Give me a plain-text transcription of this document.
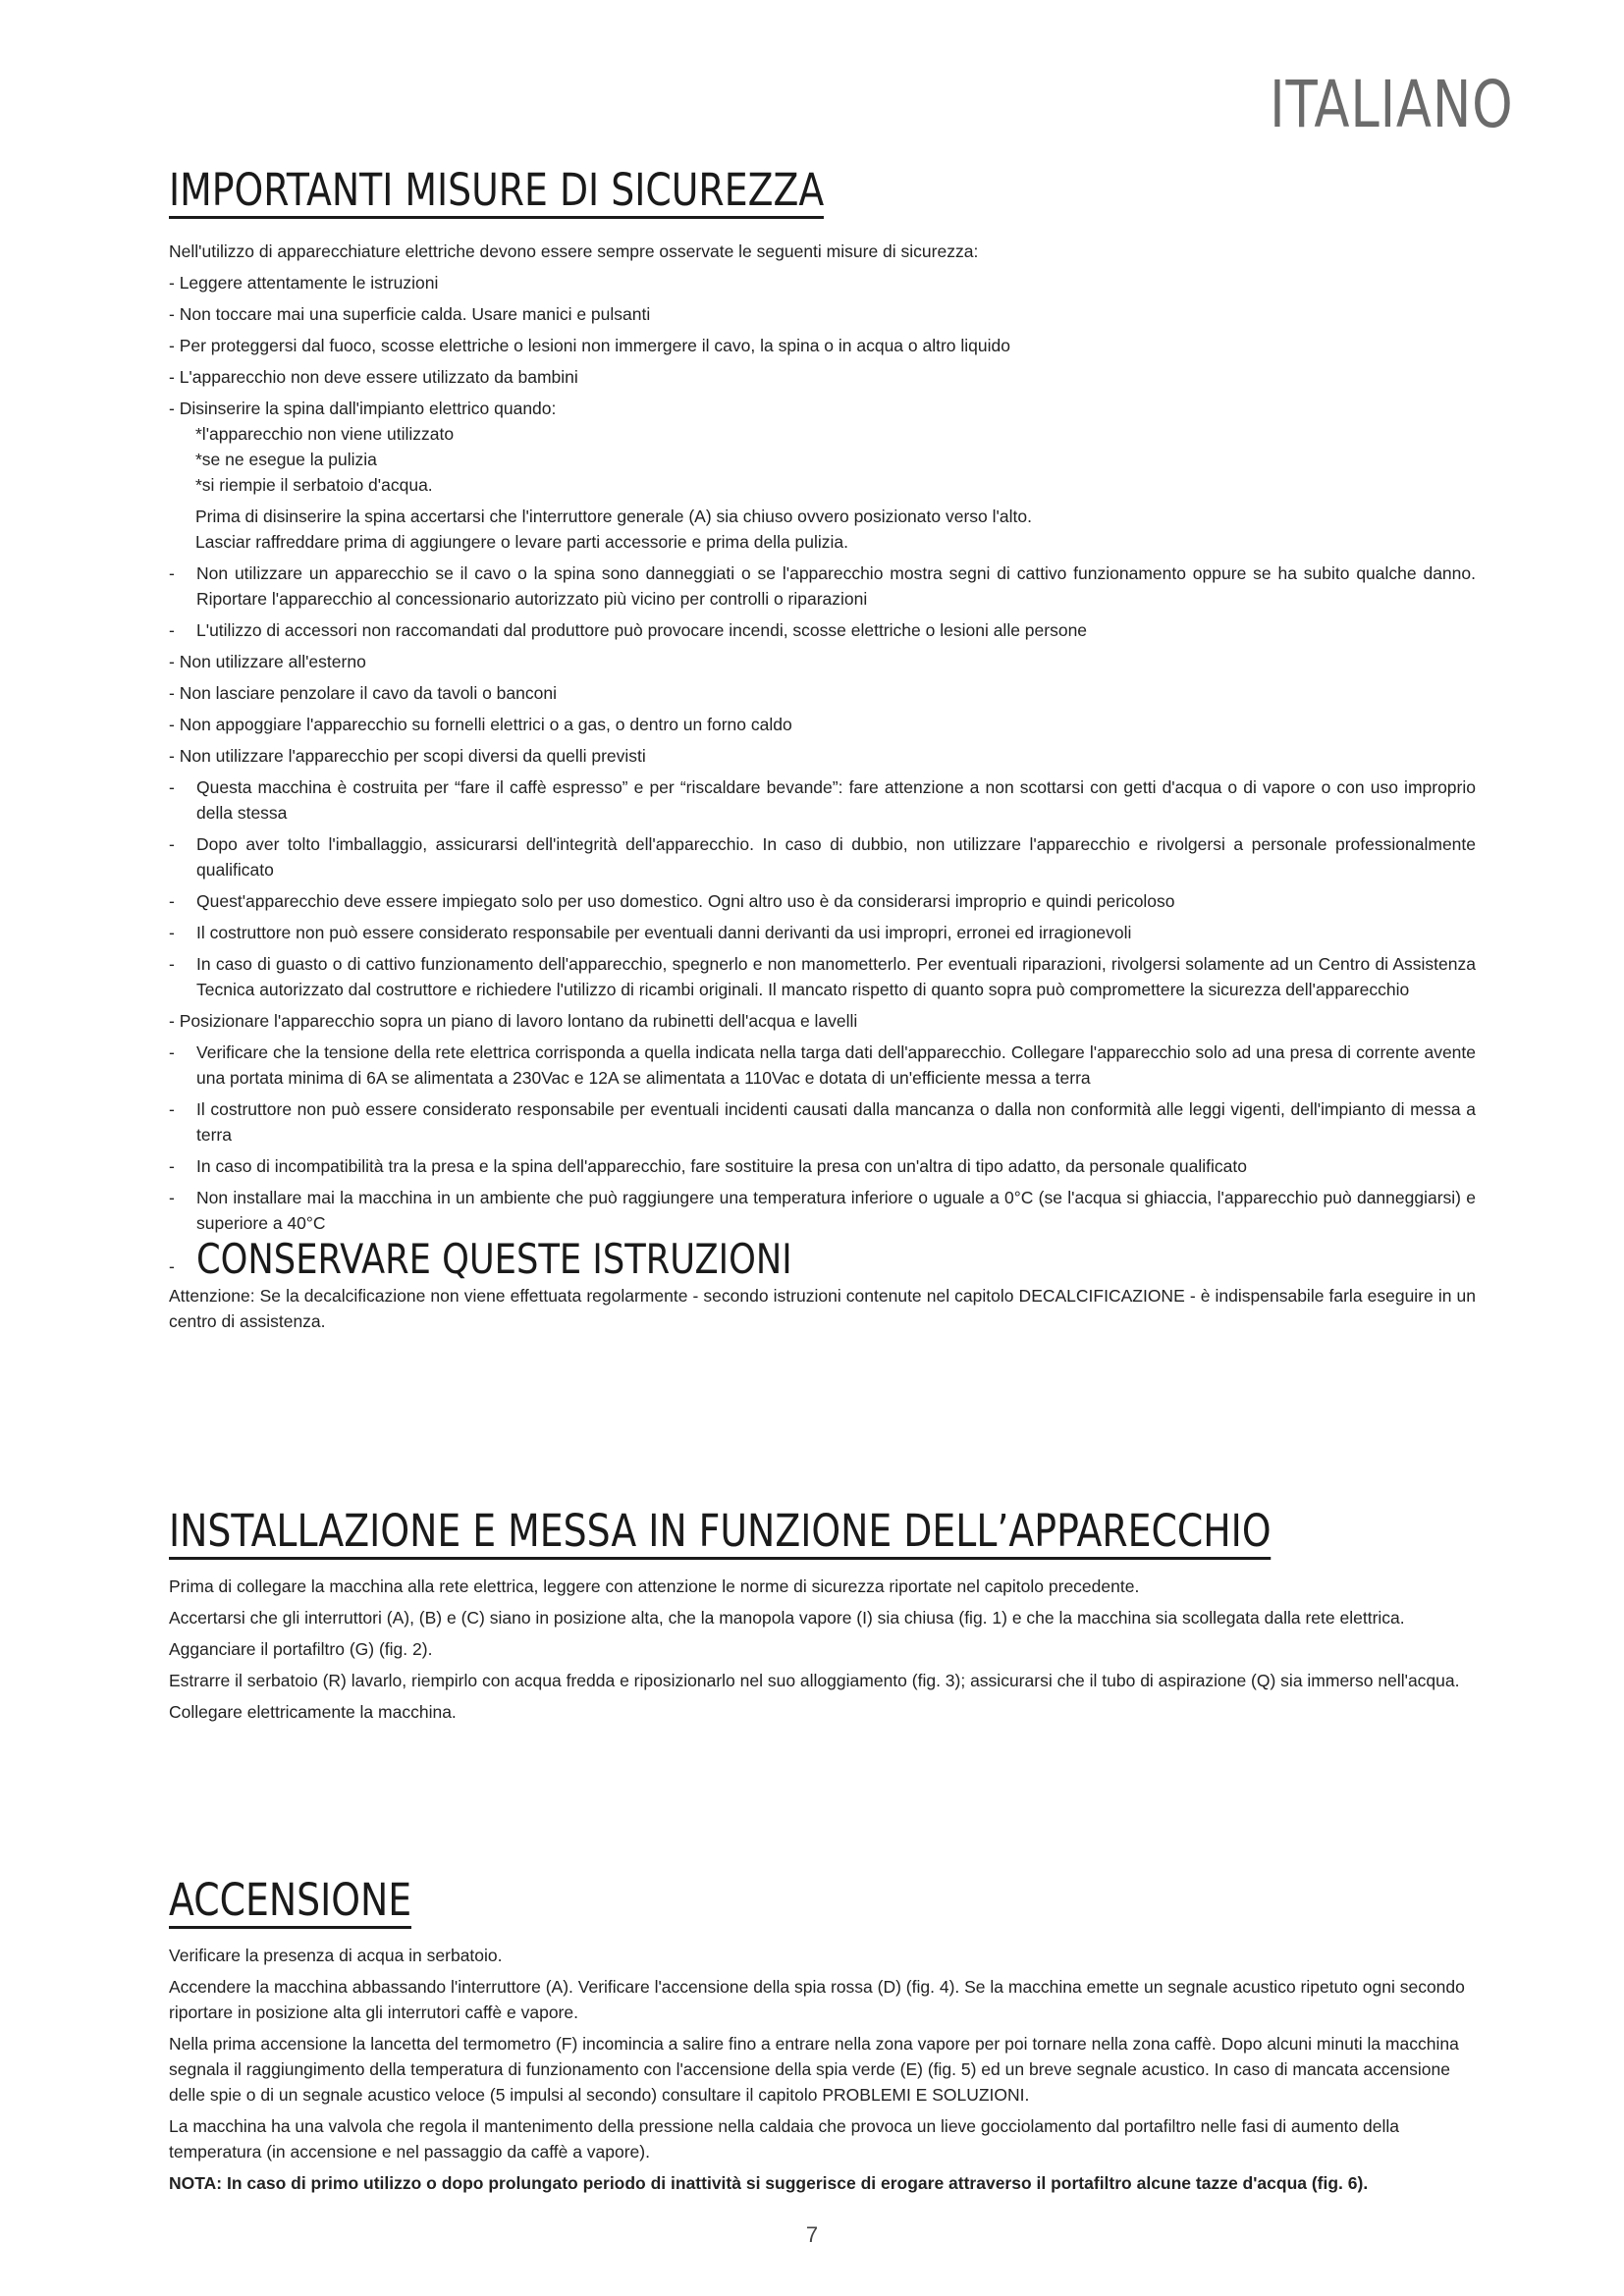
ITALIANO
IMPORTANTI MISURE DI SICUREZZA

Nell'utilizzo di apparecchiature elettriche devono essere sempre osservate le seguenti misure di sicurezza:

- Leggere attentamente le istruzioni
- Non toccare mai una superficie calda. Usare manici e pulsanti
- Per proteggersi dal fuoco, scosse elettriche o lesioni non immergere il cavo, la spina o in acqua o altro liquido
- L'apparecchio non deve essere utilizzato da bambini
- Disinserire la spina dall'impianto elettrico quando:
*l'apparecchio non viene utilizzato
*se ne esegue la pulizia
*si riempie il serbatoio d'acqua.
Prima di disinserire la spina accertarsi che l'interruttore generale (A) sia chiuso ovvero posizionato verso l'alto.
Lasciar raffreddare prima di aggiungere o levare parti accessorie e prima della pulizia.
-	Non utilizzare un apparecchio se il cavo o la spina sono danneggiati o se l'apparecchio mostra segni di cattivo funzionamento oppure se ha subito qualche danno. Riportare l'apparecchio al concessionario autorizzato più vicino per controlli o riparazioni
-	L'utilizzo di accessori non raccomandati dal produttore può provocare incendi, scosse elettriche o lesioni alle persone
- Non utilizzare all'esterno
- Non lasciare penzolare il cavo da tavoli o banconi
- Non appoggiare l'apparecchio su fornelli elettrici o a gas, o dentro un forno caldo
- Non utilizzare l'apparecchio per scopi diversi da quelli previsti
-	Questa macchina è costruita per “fare il caffè espresso” e per “riscaldare bevande”: fare attenzione a non scottarsi con getti d'acqua o di vapore o con uso improprio della stessa
-	Dopo aver tolto l'imballaggio, assicurarsi dell'integrità dell'apparecchio. In caso di dubbio, non utilizzare l'apparecchio e rivolgersi a personale professionalmente qualificato
-	Quest'apparecchio deve essere impiegato solo per uso domestico. Ogni altro uso è da considerarsi improprio e quindi pericoloso
-	Il costruttore non può essere considerato responsabile per eventuali danni derivanti da usi impropri, erronei ed irragionevoli
-	In caso di guasto o di cattivo funzionamento dell'apparecchio, spegnerlo e non manometterlo. Per eventuali riparazioni, rivolgersi solamente ad un Centro di Assistenza Tecnica autorizzato dal costruttore e richiedere l'utilizzo di ricambi originali. Il mancato rispetto di quanto sopra può compromettere la sicurezza dell'apparecchio
- Posizionare l'apparecchio sopra un piano di lavoro lontano da rubinetti dell'acqua e lavelli
-	Verificare che la tensione della rete elettrica corrisponda a quella indicata nella targa dati dell'apparecchio. Collegare l'apparecchio solo ad una presa di corrente avente una portata minima di 6A se alimentata a 230Vac e 12A se alimentata a 110Vac e dotata di un'efficiente messa a terra
-	Il costruttore non può essere considerato responsabile per eventuali incidenti causati dalla mancanza o dalla non conformità alle leggi vigenti, dell'impianto di messa a terra
-	In caso di incompatibilità tra la presa e la spina dell'apparecchio, fare sostituire la presa con un'altra di tipo adatto, da personale qualificato
-	Non installare mai la macchina in un ambiente che può raggiungere una temperatura inferiore o uguale a 0°C (se l'acqua si ghiaccia, l'apparecchio può danneggiarsi) e superiore a 40°C
- CONSERVARE QUESTE ISTRUZIONI

Attenzione: Se la decalcificazione non viene effettuata regolarmente - secondo istruzioni contenute nel capitolo DECALCIFICAZIONE - è indispensabile farla eseguire in un centro di assistenza.

INSTALLAZIONE E MESSA IN FUNZIONE DELL’APPARECCHIO

Prima di collegare la macchina alla rete elettrica, leggere con attenzione le norme di sicurezza riportate nel capitolo precedente.

Accertarsi che gli interruttori (A), (B) e (C) siano in posizione alta, che la manopola vapore (I) sia chiusa (fig. 1) e che la macchina sia scollegata dalla rete elettrica.

Agganciare il portafiltro (G) (fig. 2).

Estrarre il serbatoio (R) lavarlo, riempirlo con acqua fredda e riposizionarlo nel suo alloggiamento (fig. 3); assicurarsi che il tubo di aspirazione (Q) sia immerso nell'acqua.

Collegare elettricamente la macchina.

ACCENSIONE

Verificare la presenza di acqua in serbatoio.

Accendere la macchina abbassando l'interruttore (A). Verificare l'accensione della spia rossa (D) (fig. 4). Se la macchina emette un segnale acustico ripetuto ogni secondo riportare in posizione alta gli interrutori caffè e vapore.

Nella prima accensione la lancetta del termometro (F) incomincia a salire fino a entrare nella zona vapore per poi tornare nella zona caffè. Dopo alcuni minuti la macchina segnala il raggiungimento della temperatura di funzionamento con l'accensione della spia verde (E) (fig. 5) ed un breve segnale acustico. In caso di mancata accensione delle spie o di un segnale acustico veloce (5 impulsi al secondo) consultare il capitolo PROBLEMI E SOLUZIONI.

La macchina ha una valvola che regola il mantenimento della pressione nella caldaia che provoca un lieve gocciolamento dal portafiltro nelle fasi di aumento della temperatura (in accensione e nel passaggio da caffè a vapore).

NOTA: In caso di primo utilizzo o dopo prolungato periodo di inattività si suggerisce di erogare attraverso il portafiltro alcune tazze d'acqua (fig. 6).

7
